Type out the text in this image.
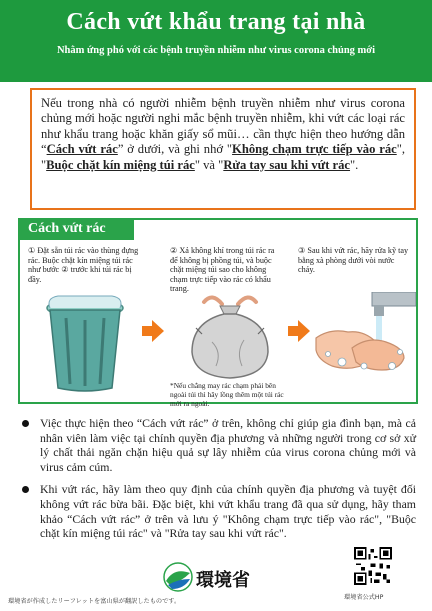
Cách vứt khẩu trang tại nhà
Nhằm ứng phó với các bệnh truyền nhiễm như virus corona chủng mới
Nếu trong nhà có người nhiễm bệnh truyền nhiễm như virus corona chủng mới hoặc người nghi mắc bệnh truyền nhiễm, khi vứt các loại rác như khẩu trang hoặc khăn giấy sổ mũi… cần thực hiện theo hướng dẫn “Cách vứt rác” ở dưới, và ghi nhớ "Không chạm trực tiếp vào rác", "Buộc chặt kín miệng túi rác" và "Rửa tay sau khi vứt rác".
Cách vứt rác
① Đặt sẵn túi rác vào thùng đựng rác. Buộc chặt kín miệng túi rác như bước ② trước khi túi rác bị đầy.
② Xả không khí trong túi rác ra để không bị phồng túi, và buộc chặt miệng túi sao cho không chạm trực tiếp vào rác có khẩu trang.
③ Sau khi vứt rác, hãy rửa kỹ tay bằng xà phòng dưới vòi nước chảy.
*Nếu chẳng may rác chạm phải bên ngoài túi thì hãy lồng thêm một túi rác mới ra ngoài.
Việc thực hiện theo “Cách vứt rác” ở trên, không chỉ giúp gia đình bạn, mà cả nhân viên làm việc tại chính quyền địa phương và những người trong cơ sở xử lý chất thải ngăn chặn hiệu quả sự lây nhiễm của virus corona chủng mới và virus cảm cúm.
Khi vứt rác, hãy làm theo quy định của chính quyền địa phương và tuyệt đối không vứt rác bừa bãi. Đặc biệt, khi vứt khẩu trang đã qua sử dụng, hãy tham khảo “Cách vứt rác” ở trên và lưu ý "Không chạm trực tiếp vào rác", "Buộc chặt kín miệng túi rác" và "Rửa tay sau khi vứt rác".
環境省
環境省公式HP
環境省が作成したリーフレットを富山県が翻訳したものです。
